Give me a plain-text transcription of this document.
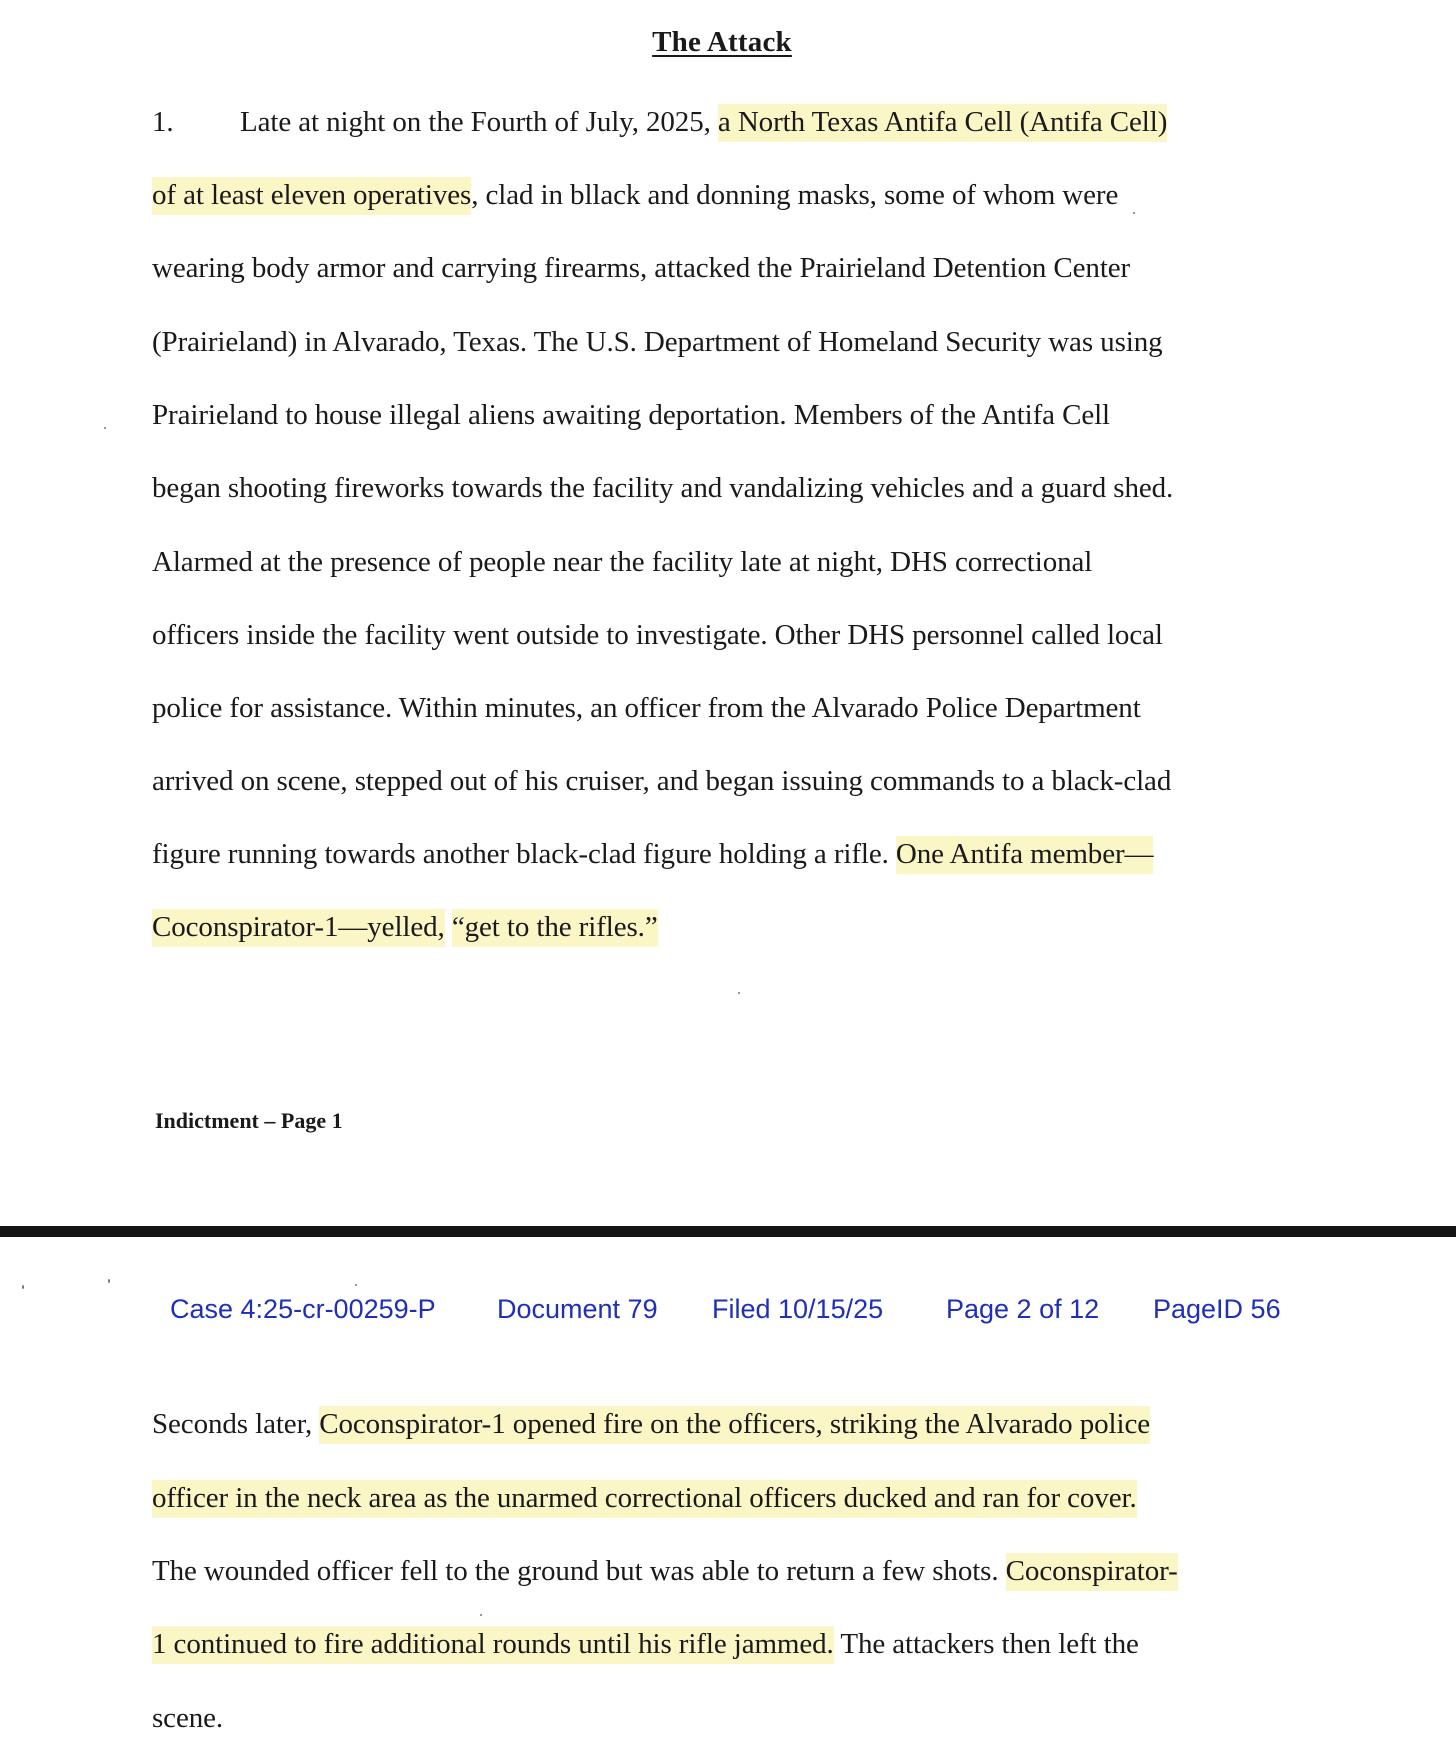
The Attack
1. Late at night on the Fourth of July, 2025, a North Texas Antifa Cell (Antifa Cell)
of at least eleven operatives, clad in bllack and donning masks, some of whom were
wearing body armor and carrying firearms, attacked the Prairieland Detention Center
(Prairieland) in Alvarado, Texas. The U.S. Department of Homeland Security was using
Prairieland to house illegal aliens awaiting deportation. Members of the Antifa Cell
began shooting fireworks towards the facility and vandalizing vehicles and a guard shed.
Alarmed at the presence of people near the facility late at night, DHS correctional
officers inside the facility went outside to investigate. Other DHS personnel called local
police for assistance. Within minutes, an officer from the Alvarado Police Department
arrived on scene, stepped out of his cruiser, and began issuing commands to a black-clad
figure running towards another black-clad figure holding a rifle. One Antifa member—
Coconspirator-1—yelled, “get to the rifles.”
Indictment – Page 1
Case 4:25-cr-00259-P Document 79 Filed 10/15/25 Page 2 of 12 PageID 56
Seconds later, Coconspirator-1 opened fire on the officers, striking the Alvarado police
officer in the neck area as the unarmed correctional officers ducked and ran for cover.
The wounded officer fell to the ground but was able to return a few shots. Coconspirator-
1 continued to fire additional rounds until his rifle jammed. The attackers then left the
scene.
